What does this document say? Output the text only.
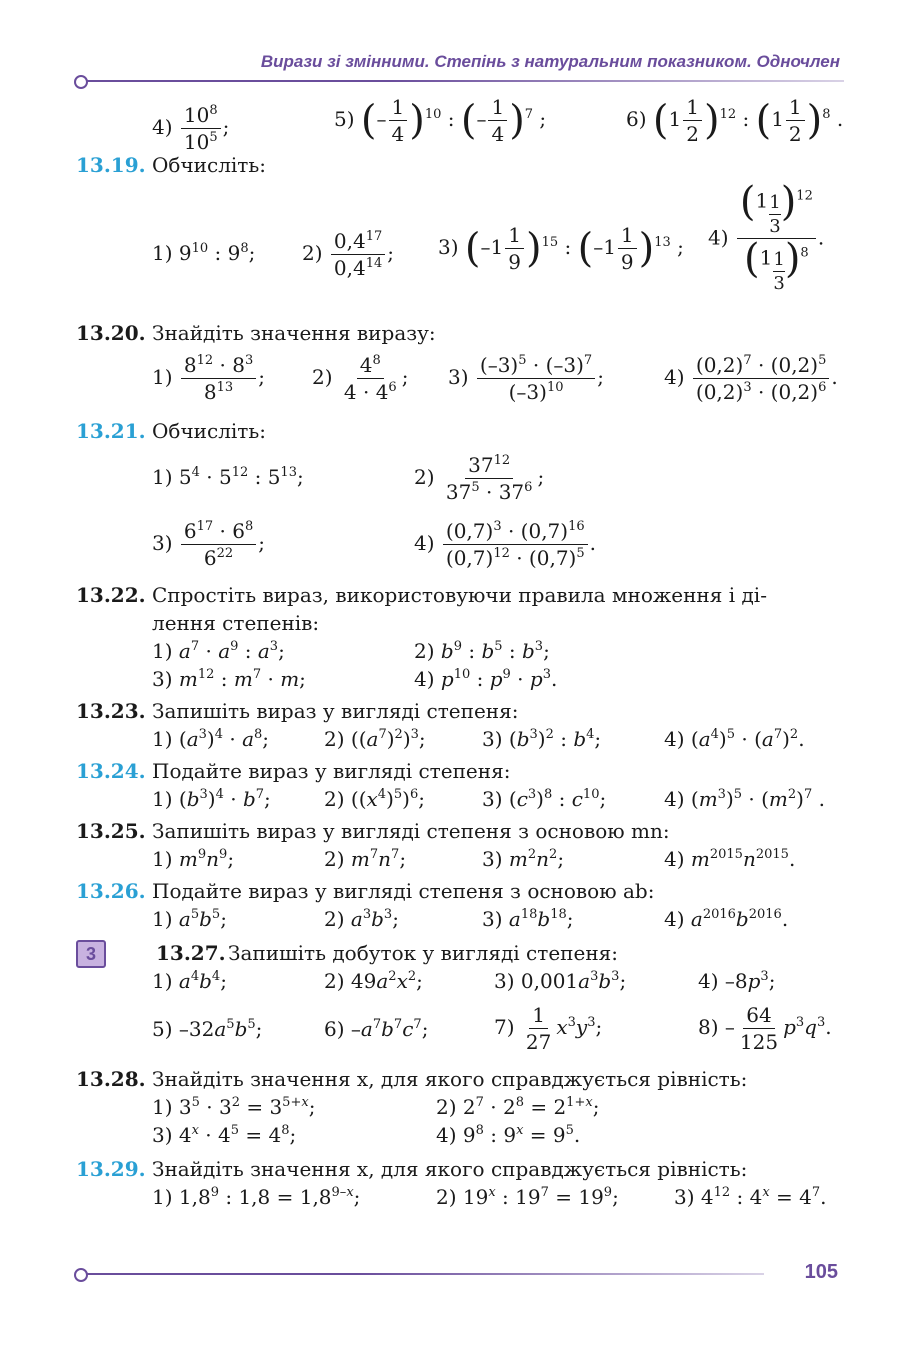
Вирази зі змінними. Степінь з натуральним показником. Одночлен
$4) \frac{10^8}{10^5}$ ;	5) (– $\frac{1}{4} )^{10}$ : (– $\frac{1}{4} )^7$ ;	6) $(1 \frac{1}{2} )^{12}$ : $(1 \frac{1}{2} )^8$ .
13.19. Обчисліть:
1) $9^{10}$ : $9^8$; $2) \frac{0,4^{17}}{0,4^{14}}$ ; 3) $(-1 \frac{1}{9} )^{15}$ : $(-1 \frac{1}{9} )^{13}$ ; $4) \frac{(1 \frac{1}{3} )^{12}}{(1 \frac{1}{3} )^8}$ .
13.20. Знайдіть значення виразу:
$1) \frac{8^{12} \cdot 8^3}{8^{13}}$ ; $2) \frac{4^8}{4 \cdot 4^6}$ ; $3) \frac{(-3)^5 \cdot (-3)^7}{(-3)^{10}}$ ;	$4) \frac{(0,2)^7 \cdot (0,2)^5}{(0,2)^3 \cdot (0,2)^6}$ .
13.21. Обчисліть:
1) $5^4 \cdot 5^{12}$ : $5^{13}$;	$2) \frac{37^{12}}{37^5 \cdot 37^6}$ ;
$3) \frac{6^{17} \cdot 6^8}{6^{22}}$ ;	$4) \frac{(0,7)^3 \cdot (0,7)^{16}}{(0,7)^{12} \cdot (0,7)^5}$ .
13.22. Спростіть вираз, використовуючи правила множення і ді-
лення степенів:
1) $a^7 \cdot a^9$ : $a^3$;	2) $b^9$ : $b^5$ : $b^3$;
3) $m^{12}$ : $m^7 \cdot m$;	4) $p^{10}$ : $p^9 \cdot p^3$.
13.23. Запишіть вираз у вигляді степеня:
1) $(a^3)^4 \cdot a^8$;	2) $((a^7)^2)^3$;	3) $(b^3)^2$ : $b^4$;	4) $(a^4)^5 \cdot (a^7)^2$.
13.24. Подайте вираз у вигляді степеня:
1) $(b^3)^4 \cdot b^7$;	2) $((x^4)^5)^6$;	3) $(c^3)^8$ : $c^{10}$;	4) $(m^3)^5 \cdot (m^2)^7$ .
13.25. Запишіть вираз у вигляді степеня з основою mn:
1) $m^9n^9$;	2) $m^7n^7$;	3) $m^2n^2$;	4) $m^{2015}n^{2015}$.
13.26. Подайте вираз у вигляді степеня з основою ab:
1) $a^5b^5$;	2) $a^3b^3$;	3) $a^{18}b^{18}$;	4) $a^{2016}b^{2016}$.
3	13.27. Запишіть добуток у вигляді степеня:
1) $a^4b^4$;	2) $49a^2x^2$;	3) $0,001a^3b^3$;	4) $-8p^3$;
5) $-32a^5b^5$;	6) $-a^7b^7c^7$;	$7) \frac{1}{27} x^3y^3$;	$8) - \frac{64}{125} p^3q^3$.
13.28. Знайдіть значення x, для якого справджується рівність:
1) $3^5 \cdot 3^2 = 3^{5+x}$;	2) $2^7 \cdot 2^8 = 2^{1+x}$;
3) $4^x \cdot 4^5 = 4^8$;	4) $9^8$ : $9^x = 9^5$.
13.29. Знайдіть значення x, для якого справджується рівність:
1) $1,8^9$ : $1,8 = 1,8^{9-x}$;	2) 19$^x$ : $19^7 = 19^9$;	3) $4^{12}$ : $4^x = 4^7$.
105
